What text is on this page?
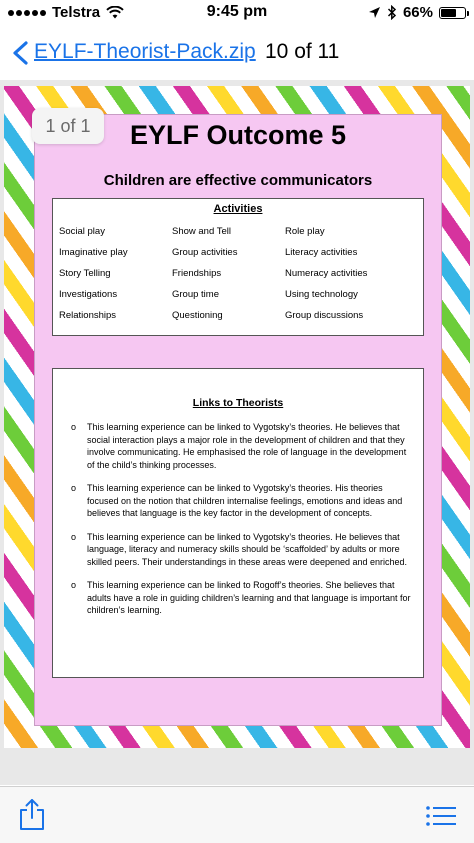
Telstra	9:45 pm	66%
EYLF-Theorist-Pack.zip 10 of 11
1 of 1	EYLF Outcome 5
Children are effective communicators
Activities
Social play	Show and Tell	Role play
Imaginative play	Group activities	Literacy activities
Story Telling	Friendships	Numeracy activities
Investigations	Group time	Using technology
Relationships	Questioning	Group discussions
Links to Theorists
o This learning experience can be linked to Vygotsky’s theories. He believes that social interaction plays a major role in the development of children and that they involve communicating. He emphasised the role of language in the development of the child’s thinking processes.
o This learning experience can be linked to Vygotsky’s theories. His theories focused on the notion that children internalise feelings, emotions and ideas and believes that language is the key factor in the development of concepts.
o This learning experience can be linked to Vygotsky’s theories. He believes that language, literacy and numeracy skills should be ‘scaffolded’ by adults or more skilled peers. Their understandings in these areas were deepened and enriched.
o This learning experience can be linked to Rogoff’s theories. She believes that adults have a role in guiding children’s learning and that language is important for children’s learning.
